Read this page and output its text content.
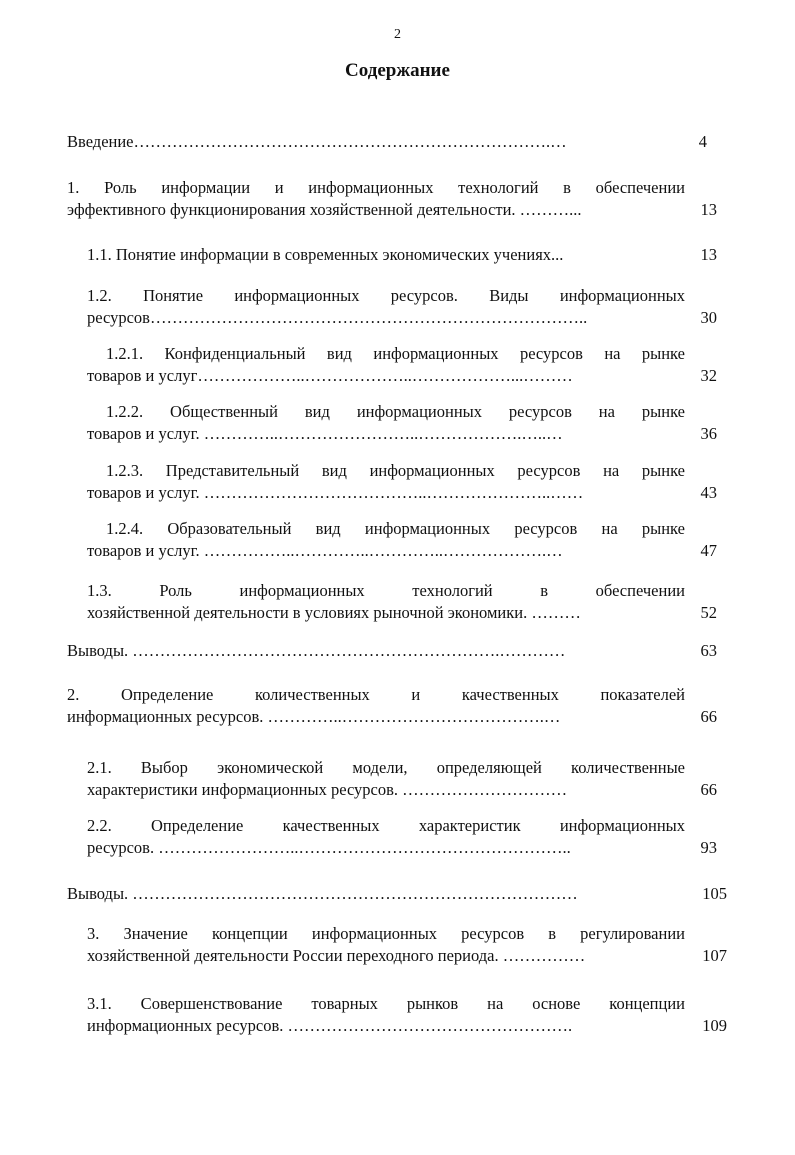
2
Содержание
Введение………………………………………………………………….…	4
1. Роль информации и информационных технологий в обеспечении
эффективного функционирования хозяйственной деятельности. ………...	13
1.1. Понятие информации в современных экономических учениях...	13
1.2. Понятие информационных ресурсов. Виды информационных
ресурсов……………………………………………………………………..	30
1.2.1. Конфиденциальный вид информационных ресурсов на рынке
товаров и услуг………………..………………..………………...………	32
1.2.2. Общественный вид информационных ресурсов на рынке
товаров и услуг. …………..……………………..……………….…..…	36
1.2.3. Представительный вид информационных ресурсов на рынке
товаров и услуг. …………………………………..…………………..……	43
1.2.4. Образовательный вид информационных ресурсов на рынке
товаров и услуг. ……………..…………..…………..……………….…	47
1.3. Роль информационных технологий в обеспечении
хозяйственной деятельности в условиях рыночной экономики. ………	52
Выводы. ………………………………………………………….…………	63
2. Определение количественных и качественных показателей
информационных ресурсов. …………..……………………………….…	66
2.1. Выбор экономической модели, определяющей количественные
характеристики информационных ресурсов. …………………………	66
2.2. Определение качественных характеристик информационных
ресурсов. ……………………..…………………………………………..	93
Выводы. ………………………………………………………………………	105
3. Значение концепции информационных ресурсов в регулировании
хозяйственной деятельности России переходного периода. ……………	107
3.1. Совершенствование товарных рынков на основе концепции
информационных ресурсов. …………………………………………….	109
